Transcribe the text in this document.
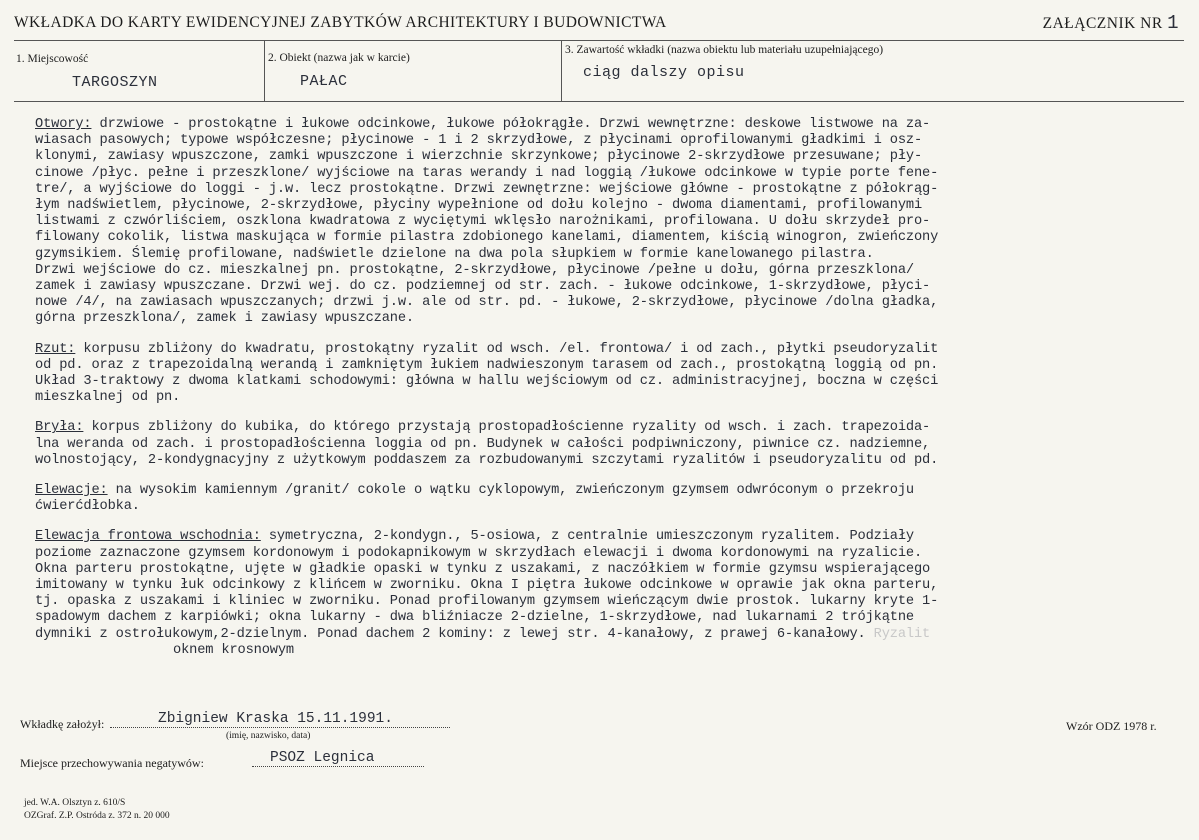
WKŁADKA DO KARTY EWIDENCYJNEJ ZABYTKÓW ARCHITEKTURY I BUDOWNICTWA	ZAŁĄCZNIK NR 1
1. Miejscowość
TARGOSZYN
2. Obiekt (nazwa jak w karcie)
PAŁAC
3. Zawartość wkładki (nazwa obiektu lub materiału uzupełniającego)
ciąg dalszy opisu
Otwory: drzwiowe - prostokątne i łukowe odcinkowe, łukowe półokrągłe. Drzwi wewnętrzne: deskowe listwowe na za-
wiasach pasowych; typowe współczesne; płycinowe - 1 i 2 skrzydłowe, z płycinami oprofilowanymi gładkimi i osz-
klonymi, zawiasy wpuszczone, zamki wpuszczone i wierzchnie skrzynkowe; płycinowe 2-skrzydłowe przesuwane; pły-
cinowe /płyc. pełne i przeszklone/ wyjściowe na taras werandy i nad loggią /łukowe odcinkowe w typie porte fene-
tre/, a wyjściowe do loggi - j.w. lecz prostokątne. Drzwi zewnętrzne: wejściowe główne - prostokątne z półokrąg-
łym nadświetlem, płycinowe, 2-skrzydłowe, płyciny wypełnione od dołu kolejno - dwoma diamentami, profilowanymi
listwami z czwórliściem, oszklona kwadratowa z wyciętymi wklęsło narożnikami, profilowana. U dołu skrzydeł pro-
filowany cokolik, listwa maskująca w formie pilastra zdobionego kanelami, diamentem, kiścią winogron, zwieńczony
gzymsikiem. Ślemię profilowane, nadświetle dzielone na dwa pola słupkiem w formie kanelowanego pilastra.
Drzwi wejściowe do cz. mieszkalnej pn. prostokątne, 2-skrzydłowe, płycinowe /pełne u dołu, górna przeszklona/
zamek i zawiasy wpuszczane. Drzwi wej. do cz. podziemnej od str. zach. - łukowe odcinkowe, 1-skrzydłowe, płyci-
nowe /4/, na zawiasach wpuszczanych; drzwi j.w. ale od str. pd. - łukowe, 2-skrzydłowe, płycinowe /dolna gładka,
górna przeszklona/, zamek i zawiasy wpuszczane.
Rzut: korpusu zbliżony do kwadratu, prostokątny ryzalit od wsch. /el. frontowa/ i od zach., płytki pseudoryzalit
od pd. oraz z trapezoidalną werandą i zamkniętym łukiem nadwieszonym tarasem od zach., prostokątną loggią od pn.
Układ 3-traktowy z dwoma klatkami schodowymi: główna w hallu wejściowym od cz. administracyjnej, boczna w części
mieszkalnej od pn.
Bryła: korpus zbliżony do kubika, do którego przystają prostopadłościenne ryzality od wsch. i zach. trapezoida-
lna weranda od zach. i prostopadłościenna loggia od pn. Budynek w całości podpiwniczony, piwnice cz. nadziemne,
wolnostojący, 2-kondygnacyjny z użytkowym poddaszem za rozbudowanymi szczytami ryzalitów i pseudoryzalitu od pd.
Elewacje: na wysokim kamiennym /granit/ cokole o wątku cyklopowym, zwieńczonym gzymsem odwróconym o przekroju
ćwierćdłobka.
Elewacja frontowa wschodnia: symetryczna, 2-kondygn., 5-osiowa, z centralnie umieszczonym ryzalitem. Podziały
poziome zaznaczone gzymsem kordonowym i podokapnikowym w skrzydłach elewacji i dwoma kordonowymi na ryzalicie.
Okna parteru prostokątne, ujęte w gładkie opaski w tynku z uszakami, z naczółkiem w formie gzymsu wspierającego
imitowany w tynku łuk odcinkowy z klińcem w zworniku. Okna I piętra łukowe odcinkowe w oprawie jak okna parteru,
tj. opaska z uszakami i kliniec w zworniku. Ponad profilowanym gzymsem wieńczącym dwie prostok. lukarny kryte 1-
spadowym dachem z karpiówki; okna lukarny - dwa bliźniacze 2-dzielne, 1-skrzydłowe, nad lukarnami 2 trójkątne
dymniki z ostrołukowym,2-dzielnym. Ponad dachem 2 kominy: z lewej str. 4-kanałowy, z prawej 6-kanałowy. Ryzalit
oknem krosnowym
Wkładkę założył:	Zbigniew Kraska 15.11.1991.
(imię, nazwisko, data)
Wzór ODZ 1978 r.
Miejsce przechowywania negatywów:	PSOZ Legnica
jed. W.A. Olsztyn z. 610/S
OZGraf. Z.P. Ostróda z. 372 n. 20 000
